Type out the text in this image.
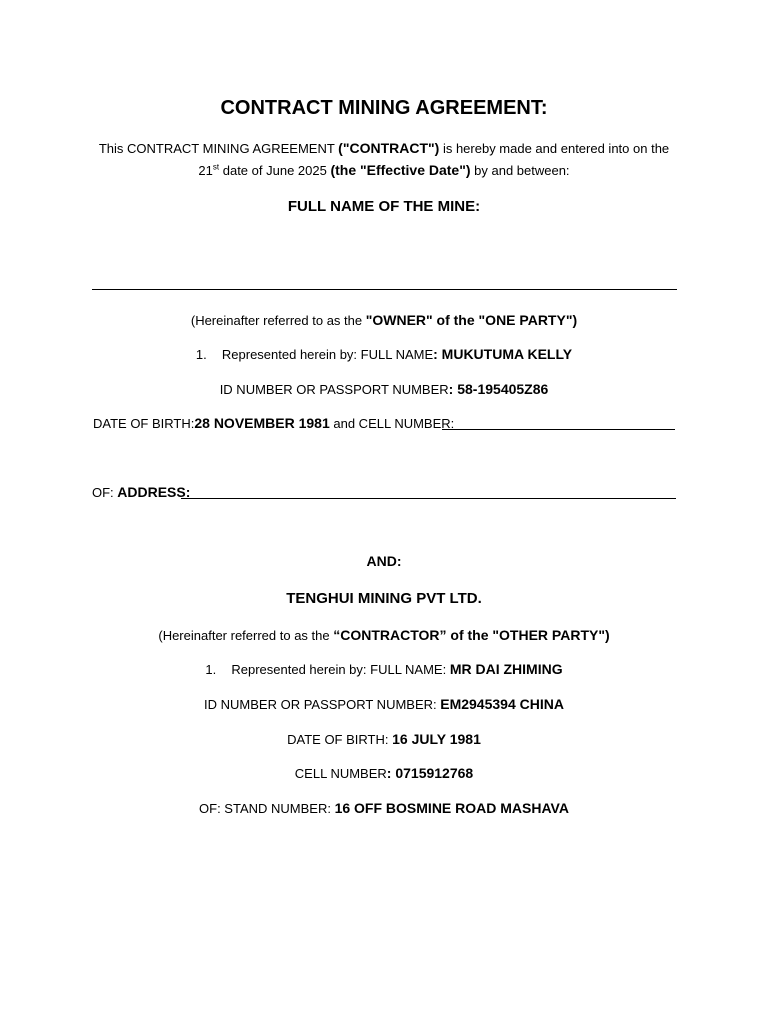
CONTRACT MINING AGREEMENT:
This CONTRACT MINING AGREEMENT ("CONTRACT") is hereby made and entered into on the
21st date of June 2025 (the "Effective Date") by and between:
FULL NAME OF THE MINE:
(Hereinafter referred to as the "OWNER" of the "ONE PARTY")
1. Represented herein by: FULL NAME: MUKUTUMA KELLY
ID NUMBER OR PASSPORT NUMBER: 58-195405Z86
DATE OF BIRTH:28 NOVEMBER 1981 and CELL NUMBER:
OF: ADDRESS:
AND:
TENGHUI MINING PVT LTD.
(Hereinafter referred to as the “CONTRACTOR” of the "OTHER PARTY")
1. Represented herein by: FULL NAME: MR DAI ZHIMING
ID NUMBER OR PASSPORT NUMBER: EM2945394 CHINA
DATE OF BIRTH: 16 JULY 1981
CELL NUMBER: 0715912768
OF: STAND NUMBER: 16 OFF BOSMINE ROAD MASHAVA
